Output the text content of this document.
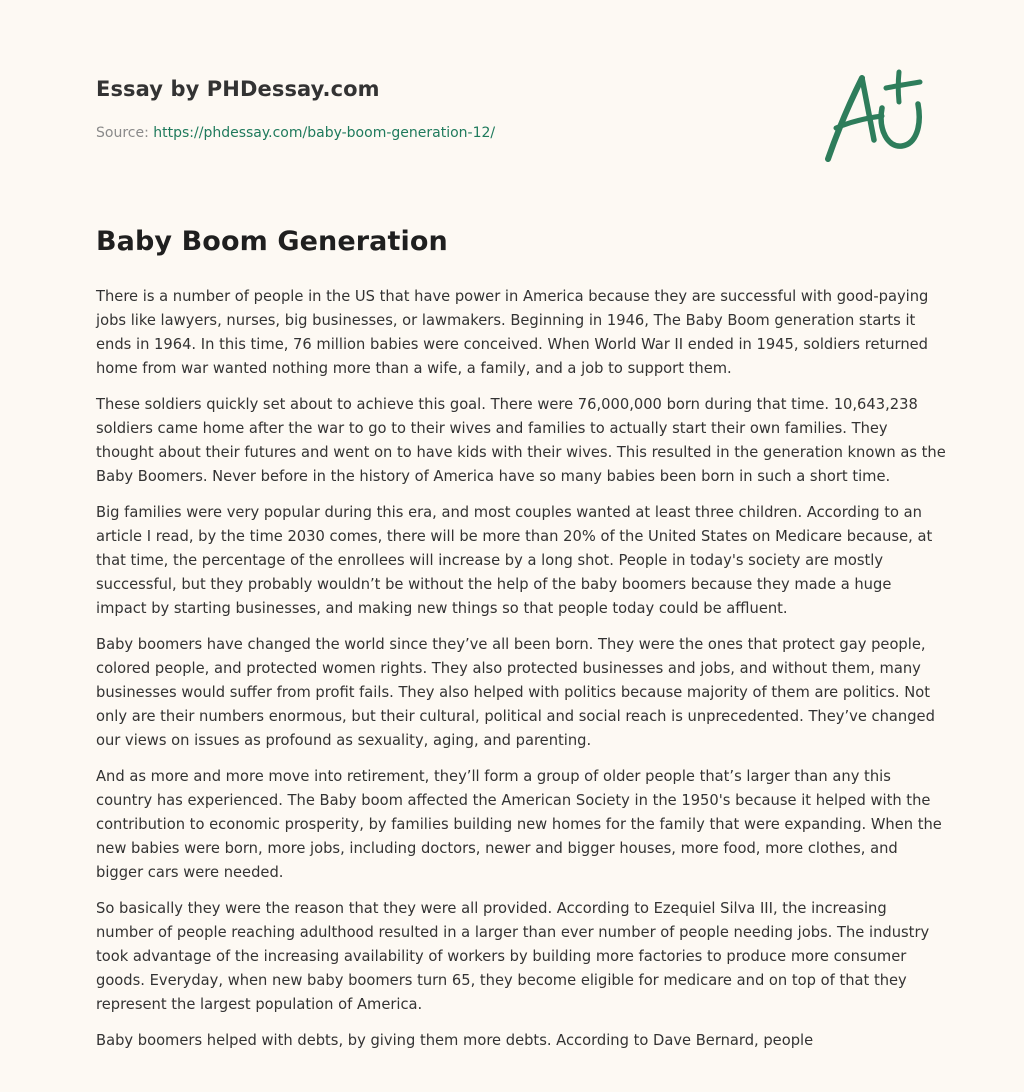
Essay by PHDessay.com
Source: https://phdessay.com/baby-boom-generation-12/
Baby Boom Generation

There is a number of people in the US that have power in America because they are successful with good-paying jobs like lawyers, nurses, big businesses, or lawmakers. Beginning in 1946, The Baby Boom generation starts it ends in 1964. In this time, 76 million babies were conceived. When World War II ended in 1945, soldiers returned home from war wanted nothing more than a wife, a family, and a job to support them.

These soldiers quickly set about to achieve this goal. There were 76,000,000 born during that time. 10,643,238 soldiers came home after the war to go to their wives and families to actually start their own families. They thought about their futures and went on to have kids with their wives. This resulted in the generation known as the Baby Boomers. Never before in the history of America have so many babies been born in such a short time.

Big families were very popular during this era, and most couples wanted at least three children. According to an article I read, by the time 2030 comes, there will be more than 20% of the United States on Medicare because, at that time, the percentage of the enrollees will increase by a long shot. People in today's society are mostly successful, but they probably wouldn’t be without the help of the baby boomers because they made a huge impact by starting businesses, and making new things so that people today could be affluent.

Baby boomers have changed the world since they’ve all been born. They were the ones that protect gay people, colored people, and protected women rights. They also protected businesses and jobs, and without them, many businesses would suffer from profit fails. They also helped with politics because majority of them are politics. Not only are their numbers enormous, but their cultural, political and social reach is unprecedented. They’ve changed our views on issues as profound as sexuality, aging, and parenting.

And as more and more move into retirement, they’ll form a group of older people that’s larger than any this country has experienced. The Baby boom affected the American Society in the 1950's because it helped with the contribution to economic prosperity, by families building new homes for the family that were expanding. When the new babies were born, more jobs, including doctors, newer and bigger houses, more food, more clothes, and bigger cars were needed.

So basically they were the reason that they were all provided. According to Ezequiel Silva III, the increasing number of people reaching adulthood resulted in a larger than ever number of people needing jobs. The industry took advantage of the increasing availability of workers by building more factories to produce more consumer goods. Everyday, when new baby boomers turn 65, they become eligible for medicare and on top of that they represent the largest population of America.

Baby boomers helped with debts, by giving them more debts. According to Dave Bernard, people
